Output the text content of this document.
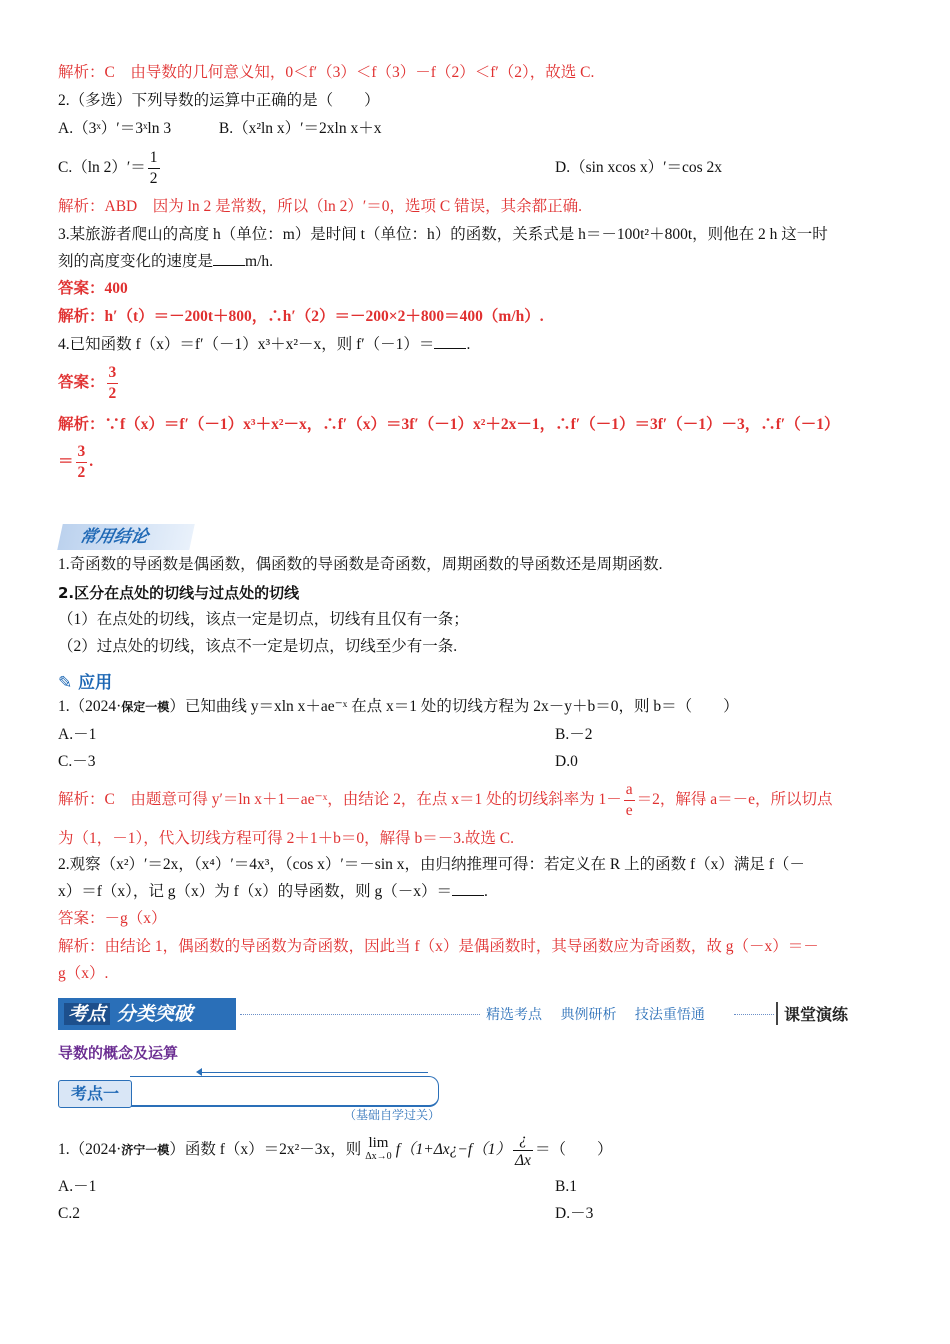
解析：C　由导数的几何意义知，0＜f′（3）＜f（3）－f（2）＜f′（2），故选 C.
2.（多选）下列导数的运算中正确的是（　　）
A.（3ˣ）′＝3ˣln 3	B.（x²ln x）′＝2xln x＋x
C.（ln $2)'= \frac{1}{2}$	D.（sin xcos x）′＝cos 2x
解析：ABD　因为 ln 2 是常数，所以（ln 2）′＝0，选项 C 错误，其余都正确.
3.某旅游者爬山的高度 h（单位：m）是时间 t（单位：h）的函数，关系式是 h＝－100t²＋800t，则他在 2 h 这一时
刻的高度变化的速度是 m/h.
答案：400
解析：h′（t）＝－200t＋800，∴h′（2）＝－200×2＋800＝400（m/h）.
4.已知函数 f（x）＝f′（－1）x³＋x²－x，则 f′（－1）＝ .
答案： $\frac{3}{2}$
解析：∵f（x）＝f′（－1）x³＋x²－x，∴f′（x）＝3f′（－1）x²＋2x－1，∴f′（－1）＝3f′（－1）－3，∴f′（－1）
＝ $\frac{3}{2}$ .
常用结论
1.奇函数的导函数是偶函数，偶函数的导函数是奇函数，周期函数的导函数还是周期函数.
2.区分在点处的切线与过点处的切线
（1）在点处的切线，该点一定是切点，切线有且仅有一条；
（2）过点处的切线，该点不一定是切点，切线至少有一条.
✎ 应用
1.（2024·保定一模）已知曲线 y＝xln x＋ae⁻ˣ 在点 x＝1 处的切线方程为 2x－y＋b＝0，则 b＝（　　）
A.－1	B.－2
C.－3	D.0
解析：C　由题意可得 y′＝ln x＋1－ae⁻ˣ，由结论 2，在点 x＝1 处的切线斜率为 $1- \frac{a}{e} =2$，解得 a＝－e，所以切点
为（1，－1），代入切线方程可得 2＋1＋b＝0，解得 b＝－3.故选 C.
2.观察（x²）′＝2x，（x⁴）′＝4x³，（cos x）′＝－sin x，由归纳推理可得：若定义在 R 上的函数 f（x）满足 f（－
x）＝f（x），记 g（x）为 f（x）的导函数，则 g（－x）＝ .
答案：－g（x）
解析：由结论 1，偶函数的导函数为奇函数，因此当 f（x）是偶函数时，其导函数应为奇函数，故 g（－x）＝－
g（x）.
考点 分类突破	精选考点 典例研析 技法重悟通	课堂演练
导数的概念及运算
考点一
（基础自学过关）
1.（2024·济宁一模）函数 f（x）＝2x²－3x，则 lim
Δx→0 f（1+Δx¿−f（1） $\frac{¿}{\Delta x}$ ＝（　　）
A.－1	B.1
C.2	D.－3
